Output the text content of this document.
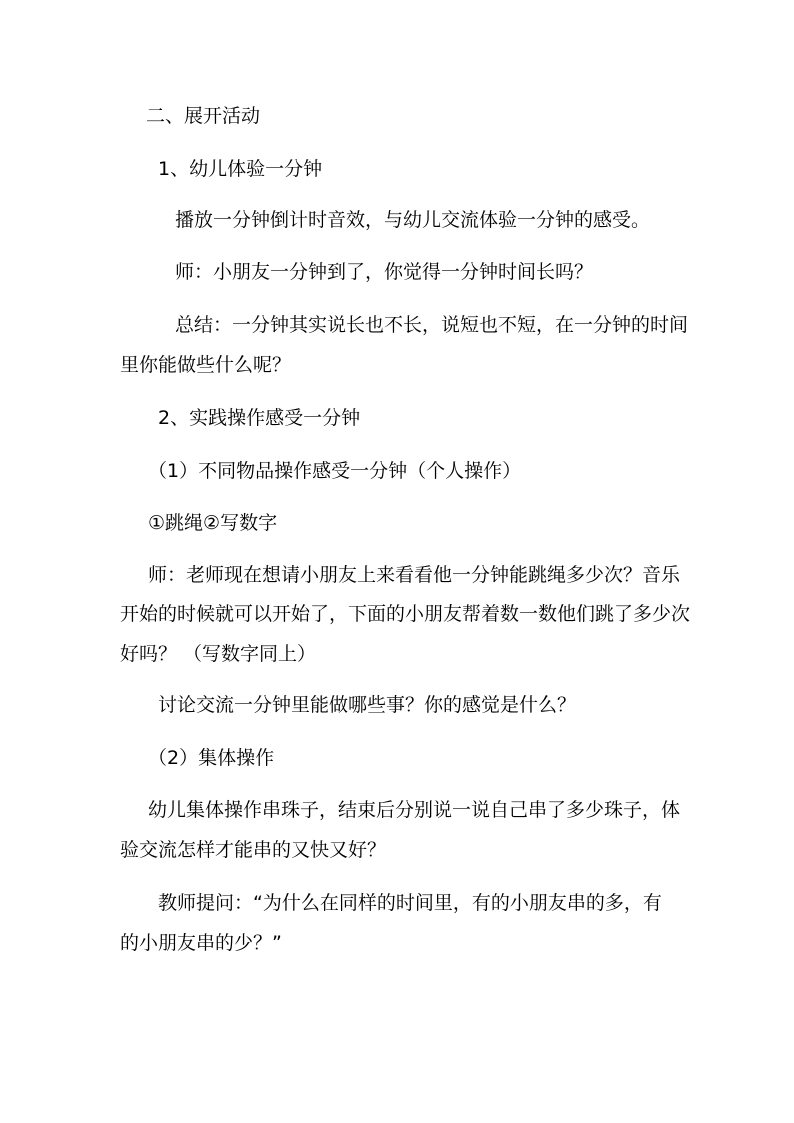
二、展开活动
1、幼儿体验一分钟
播放一分钟倒计时音效，与幼儿交流体验一分钟的感受。
师：小朋友一分钟到了，你觉得一分钟时间长吗？
总结：一分钟其实说长也不长，说短也不短，在一分钟的时间
里你能做些什么呢？
2、实践操作感受一分钟
（1）不同物品操作感受一分钟（个人操作）
①跳绳②写数字
师：老师现在想请小朋友上来看看他一分钟能跳绳多少次？音乐
开始的时候就可以开始了，下面的小朋友帮着数一数他们跳了多少次
好吗？ （写数字同上）
讨论交流一分钟里能做哪些事？你的感觉是什么？
（2）集体操作
幼儿集体操作串珠子，结束后分别说一说自己串了多少珠子，体
验交流怎样才能串的又快又好？
教师提问：“为什么在同样的时间里，有的小朋友串的多，有
的小朋友串的少？”
